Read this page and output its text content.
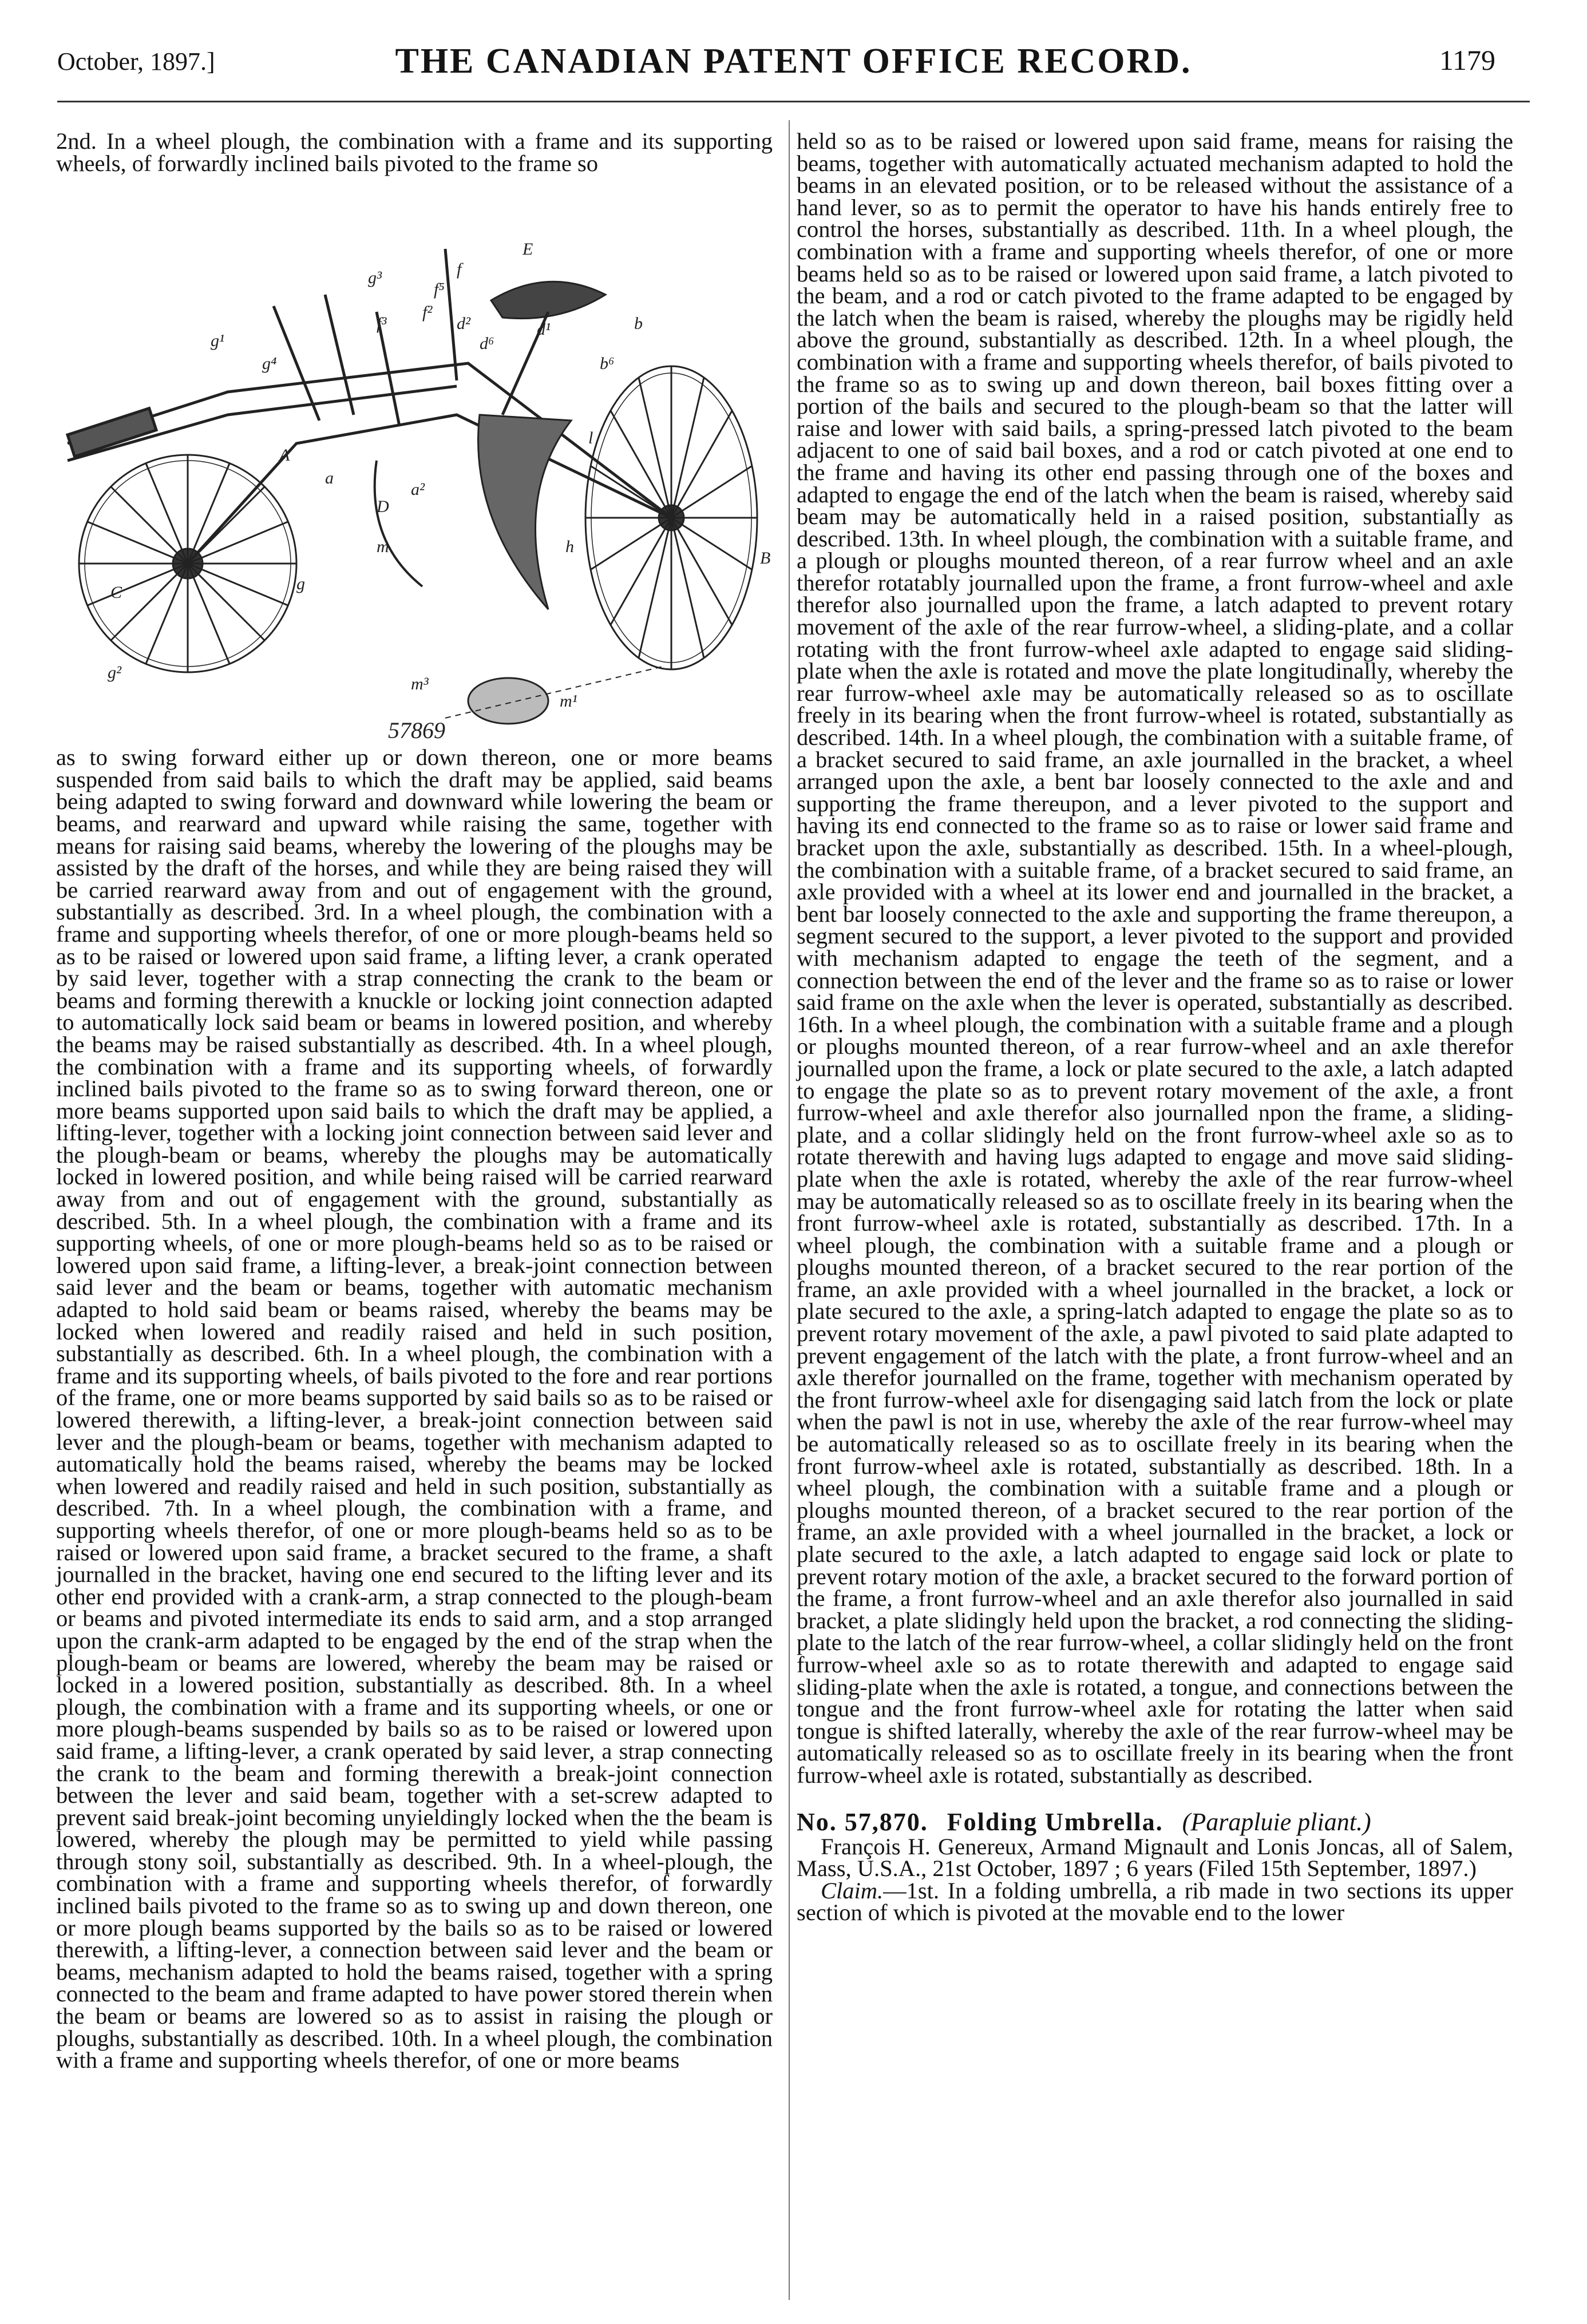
October, 1897.]	THE CANADIAN PATENT OFFICE RECORD.	1179

2nd. In a wheel plough, the combination with a frame and its supporting wheels, of forwardly inclined bails pivoted to the frame so

E
g³	f
f⁵
f³
f²
d²
d⁶
d¹	b
b⁶
g⁴
g¹
A
a
a²
D
l
m	h
B
C	g
g²
m³
m¹
57869

as to swing forward either up or down thereon, one or more beams suspended from said bails to which the draft may be applied, said beams being adapted to swing forward and downward while lowering the beam or beams, and rearward and upward while raising the same, together with means for raising said beams, whereby the lowering of the ploughs may be assisted by the draft of the horses, and while they are being raised they will be carried rearward away from and out of engagement with the ground, substantially as described. 3rd. In a wheel plough, the combination with a frame and supporting wheels therefor, of one or more plough-beams held so as to be raised or lowered upon said frame, a lifting lever, a crank operated by said lever, together with a strap connecting the crank to the beam or beams and forming therewith a knuckle or locking joint connection adapted to automatically lock said beam or beams in lowered position, and whereby the beams may be raised substantially as described. 4th. In a wheel plough, the combination with a frame and its supporting wheels, of forwardly inclined bails pivoted to the frame so as to swing forward thereon, one or more beams supported upon said bails to which the draft may be applied, a lifting-lever, together with a locking joint connection between said lever and the plough-beam or beams, whereby the ploughs may be automatically locked in lowered position, and while being raised will be carried rearward away from and out of engagement with the ground, substantially as described. 5th. In a wheel plough, the combination with a frame and its supporting wheels, of one or more plough-beams held so as to be raised or lowered upon said frame, a lifting-lever, a break-joint connection between said lever and the beam or beams, together with automatic mechanism adapted to hold said beam or beams raised, whereby the beams may be locked when lowered and readily raised and held in such position, substantially as described. 6th. In a wheel plough, the combination with a frame and its supporting wheels, of bails pivoted to the fore and rear portions of the frame, one or more beams supported by said bails so as to be raised or lowered therewith, a lifting-lever, a break-joint connection between said lever and the plough-beam or beams, together with mechanism adapted to automatically hold the beams raised, whereby the beams may be locked when lowered and readily raised and held in such position, substantially as described. 7th. In a wheel plough, the combination with a frame, and supporting wheels therefor, of one or more plough-beams held so as to be raised or lowered upon said frame, a bracket secured to the frame, a shaft journalled in the bracket, having one end secured to the lifting lever and its other end provided with a crank-arm, a strap connected to the plough-beam or beams and pivoted intermediate its ends to said arm, and a stop arranged upon the crank-arm adapted to be engaged by the end of the strap when the plough-beam or beams are lowered, whereby the beam may be raised or locked in a lowered position, substantially as described. 8th. In a wheel plough, the combination with a frame and its supporting wheels, or one or more plough-beams suspended by bails so as to be raised or lowered upon said frame, a lifting-lever, a crank operated by said lever, a strap connecting the crank to the beam and forming therewith a break-joint connection between the lever and said beam, together with a set-screw adapted to prevent said break-joint becoming unyieldingly locked when the the beam is lowered, whereby the plough may be permitted to yield while passing through stony soil, substantially as described. 9th. In a wheel-plough, the combination with a frame and supporting wheels therefor, of forwardly inclined bails pivoted to the frame so as to swing up and down thereon, one or more plough beams supported by the bails so as to be raised or lowered therewith, a lifting-lever, a connection between said lever and the beam or beams, mechanism adapted to hold the beams raised, together with a spring connected to the beam and frame adapted to have power stored therein when the beam or beams are lowered so as to assist in raising the plough or ploughs, substantially as described. 10th. In a wheel plough, the combination with a frame and supporting wheels therefor, of one or more beams

held so as to be raised or lowered upon said frame, means for raising the beams, together with automatically actuated mechanism adapted to hold the beams in an elevated position, or to be released without the assistance of a hand lever, so as to permit the operator to have his hands entirely free to control the horses, substantially as described. 11th. In a wheel plough, the combination with a frame and supporting wheels therefor, of one or more beams held so as to be raised or lowered upon said frame, a latch pivoted to the beam, and a rod or catch pivoted to the frame adapted to be engaged by the latch when the beam is raised, whereby the ploughs may be rigidly held above the ground, substantially as described. 12th. In a wheel plough, the combination with a frame and supporting wheels therefor, of bails pivoted to the frame so as to swing up and down thereon, bail boxes fitting over a portion of the bails and secured to the plough-beam so that the latter will raise and lower with said bails, a spring-pressed latch pivoted to the beam adjacent to one of said bail boxes, and a rod or catch pivoted at one end to the frame and having its other end passing through one of the boxes and adapted to engage the end of the latch when the beam is raised, whereby said beam may be automatically held in a raised position, substantially as described. 13th. In wheel plough, the combination with a suitable frame, and a plough or ploughs mounted thereon, of a rear furrow wheel and an axle therefor rotatably journalled upon the frame, a front furrow-wheel and axle therefor also journalled upon the frame, a latch adapted to prevent rotary movement of the axle of the rear furrow-wheel, a sliding-plate, and a collar rotating with the front furrow-wheel axle adapted to engage said sliding-plate when the axle is rotated and move the plate longitudinally, whereby the rear furrow-wheel axle may be automatically released so as to oscillate freely in its bearing when the front furrow-wheel is rotated, substantially as described. 14th. In a wheel plough, the combination with a suitable frame, of a bracket secured to said frame, an axle journalled in the bracket, a wheel arranged upon the axle, a bent bar loosely connected to the axle and and supporting the frame thereupon, and a lever pivoted to the support and having its end connected to the frame so as to raise or lower said frame and bracket upon the axle, substantially as described. 15th. In a wheel-plough, the combination with a suitable frame, of a bracket secured to said frame, an axle provided with a wheel at its lower end and journalled in the bracket, a bent bar loosely connected to the axle and supporting the frame thereupon, a segment secured to the support, a lever pivoted to the support and provided with mechanism adapted to engage the teeth of the segment, and a connection between the end of the lever and the frame so as to raise or lower said frame on the axle when the lever is operated, substantially as described. 16th. In a wheel plough, the combination with a suitable frame and a plough or ploughs mounted thereon, of a rear furrow-wheel and an axle therefor journalled upon the frame, a lock or plate secured to the axle, a latch adapted to engage the plate so as to prevent rotary movement of the axle, a front furrow-wheel and axle therefor also journalled npon the frame, a sliding-plate, and a collar slidingly held on the front furrow-wheel axle so as to rotate therewith and having lugs adapted to engage and move said sliding-plate when the axle is rotated, whereby the axle of the rear furrow-wheel may be automatically released so as to oscillate freely in its bearing when the front furrow-wheel axle is rotated, substantially as described. 17th. In a wheel plough, the combination with a suitable frame and a plough or ploughs mounted thereon, of a bracket secured to the rear portion of the frame, an axle provided with a wheel journalled in the bracket, a lock or plate secured to the axle, a spring-latch adapted to engage the plate so as to prevent rotary movement of the axle, a pawl pivoted to said plate adapted to prevent engagement of the latch with the plate, a front furrow-wheel and an axle therefor journalled on the frame, together with mechanism operated by the front furrow-wheel axle for disengaging said latch from the lock or plate when the pawl is not in use, whereby the axle of the rear furrow-wheel may be automatically released so as to oscillate freely in its bearing when the front furrow-wheel axle is rotated, substantially as described. 18th. In a wheel plough, the combination with a suitable frame and a plough or ploughs mounted thereon, of a bracket secured to the rear portion of the frame, an axle provided with a wheel journalled in the bracket, a lock or plate secured to the axle, a latch adapted to engage said lock or plate to prevent rotary motion of the axle, a bracket secured to the forward portion of the frame, a front furrow-wheel and an axle therefor also journalled in said bracket, a plate slidingly held upon the bracket, a rod connecting the sliding-plate to the latch of the rear furrow-wheel, a collar slidingly held on the front furrow-wheel axle so as to rotate therewith and adapted to engage said sliding-plate when the axle is rotated, a tongue, and connections between the tongue and the front furrow-wheel axle for rotating the latter when said tongue is shifted laterally, whereby the axle of the rear furrow-wheel may be automatically released so as to oscillate freely in its bearing when the front furrow-wheel axle is rotated, substantially as described.

No. 57,870. Folding Umbrella. (Parapluie pliant.)

François H. Genereux, Armand Mignault and Lonis Joncas, all of Salem, Mass, U.S.A., 21st October, 1897 ; 6 years (Filed 15th September, 1897.)

Claim.—1st. In a folding umbrella, a rib made in two sections its upper section of which is pivoted at the movable end to the lower
